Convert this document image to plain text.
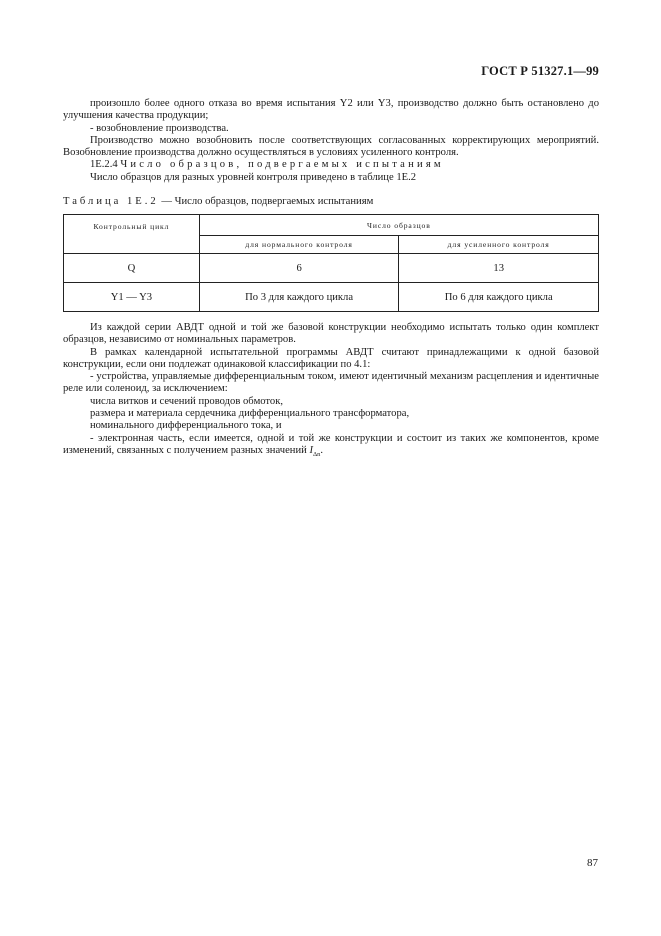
ГОСТ Р 51327.1—99

произошло более одного отказа во время испытания Y2 или Y3, производство должно быть остановлено до улучшения качества продукции;

- возобновление производства.

Производство можно возобновить после соответствующих согласованных корректирующих мероприятий. Возобновление производства должно осуществляться в условиях усиленного контроля.

1Е.2.4 Число образцов, подвергаемых испытаниям

Число образцов для разных уровней контроля приведено в таблице 1Е.2

Таблица 1Е.2 — Число образцов, подвергаемых испытаниям
Контрольный цикл	Число образцов	
	для нормального контроля	для усиленного контроля
Q	6	13
Y1 — Y3	По 3 для каждого цикла	По 6 для каждого цикла

Из каждой серии АВДТ одной и той же базовой конструкции необходимо испытать только один комплект образцов, независимо от номинальных параметров.

В рамках календарной испытательной программы АВДТ считают принадлежащими к одной базовой конструкции, если они подлежат одинаковой классификации по 4.1:

- устройства, управляемые дифференциальным током, имеют идентичный механизм расцепления и идентичные реле или соленоид, за исключением:

числа витков и сечений проводов обмоток,

размера и материала сердечника дифференциального трансформатора,

номинального дифференциального тока, и

- электронная часть, если имеется, одной и той же конструкции и состоит из таких же компонентов, кроме изменений, связанных с получением разных значений $I_{\Delta n}$.

87
